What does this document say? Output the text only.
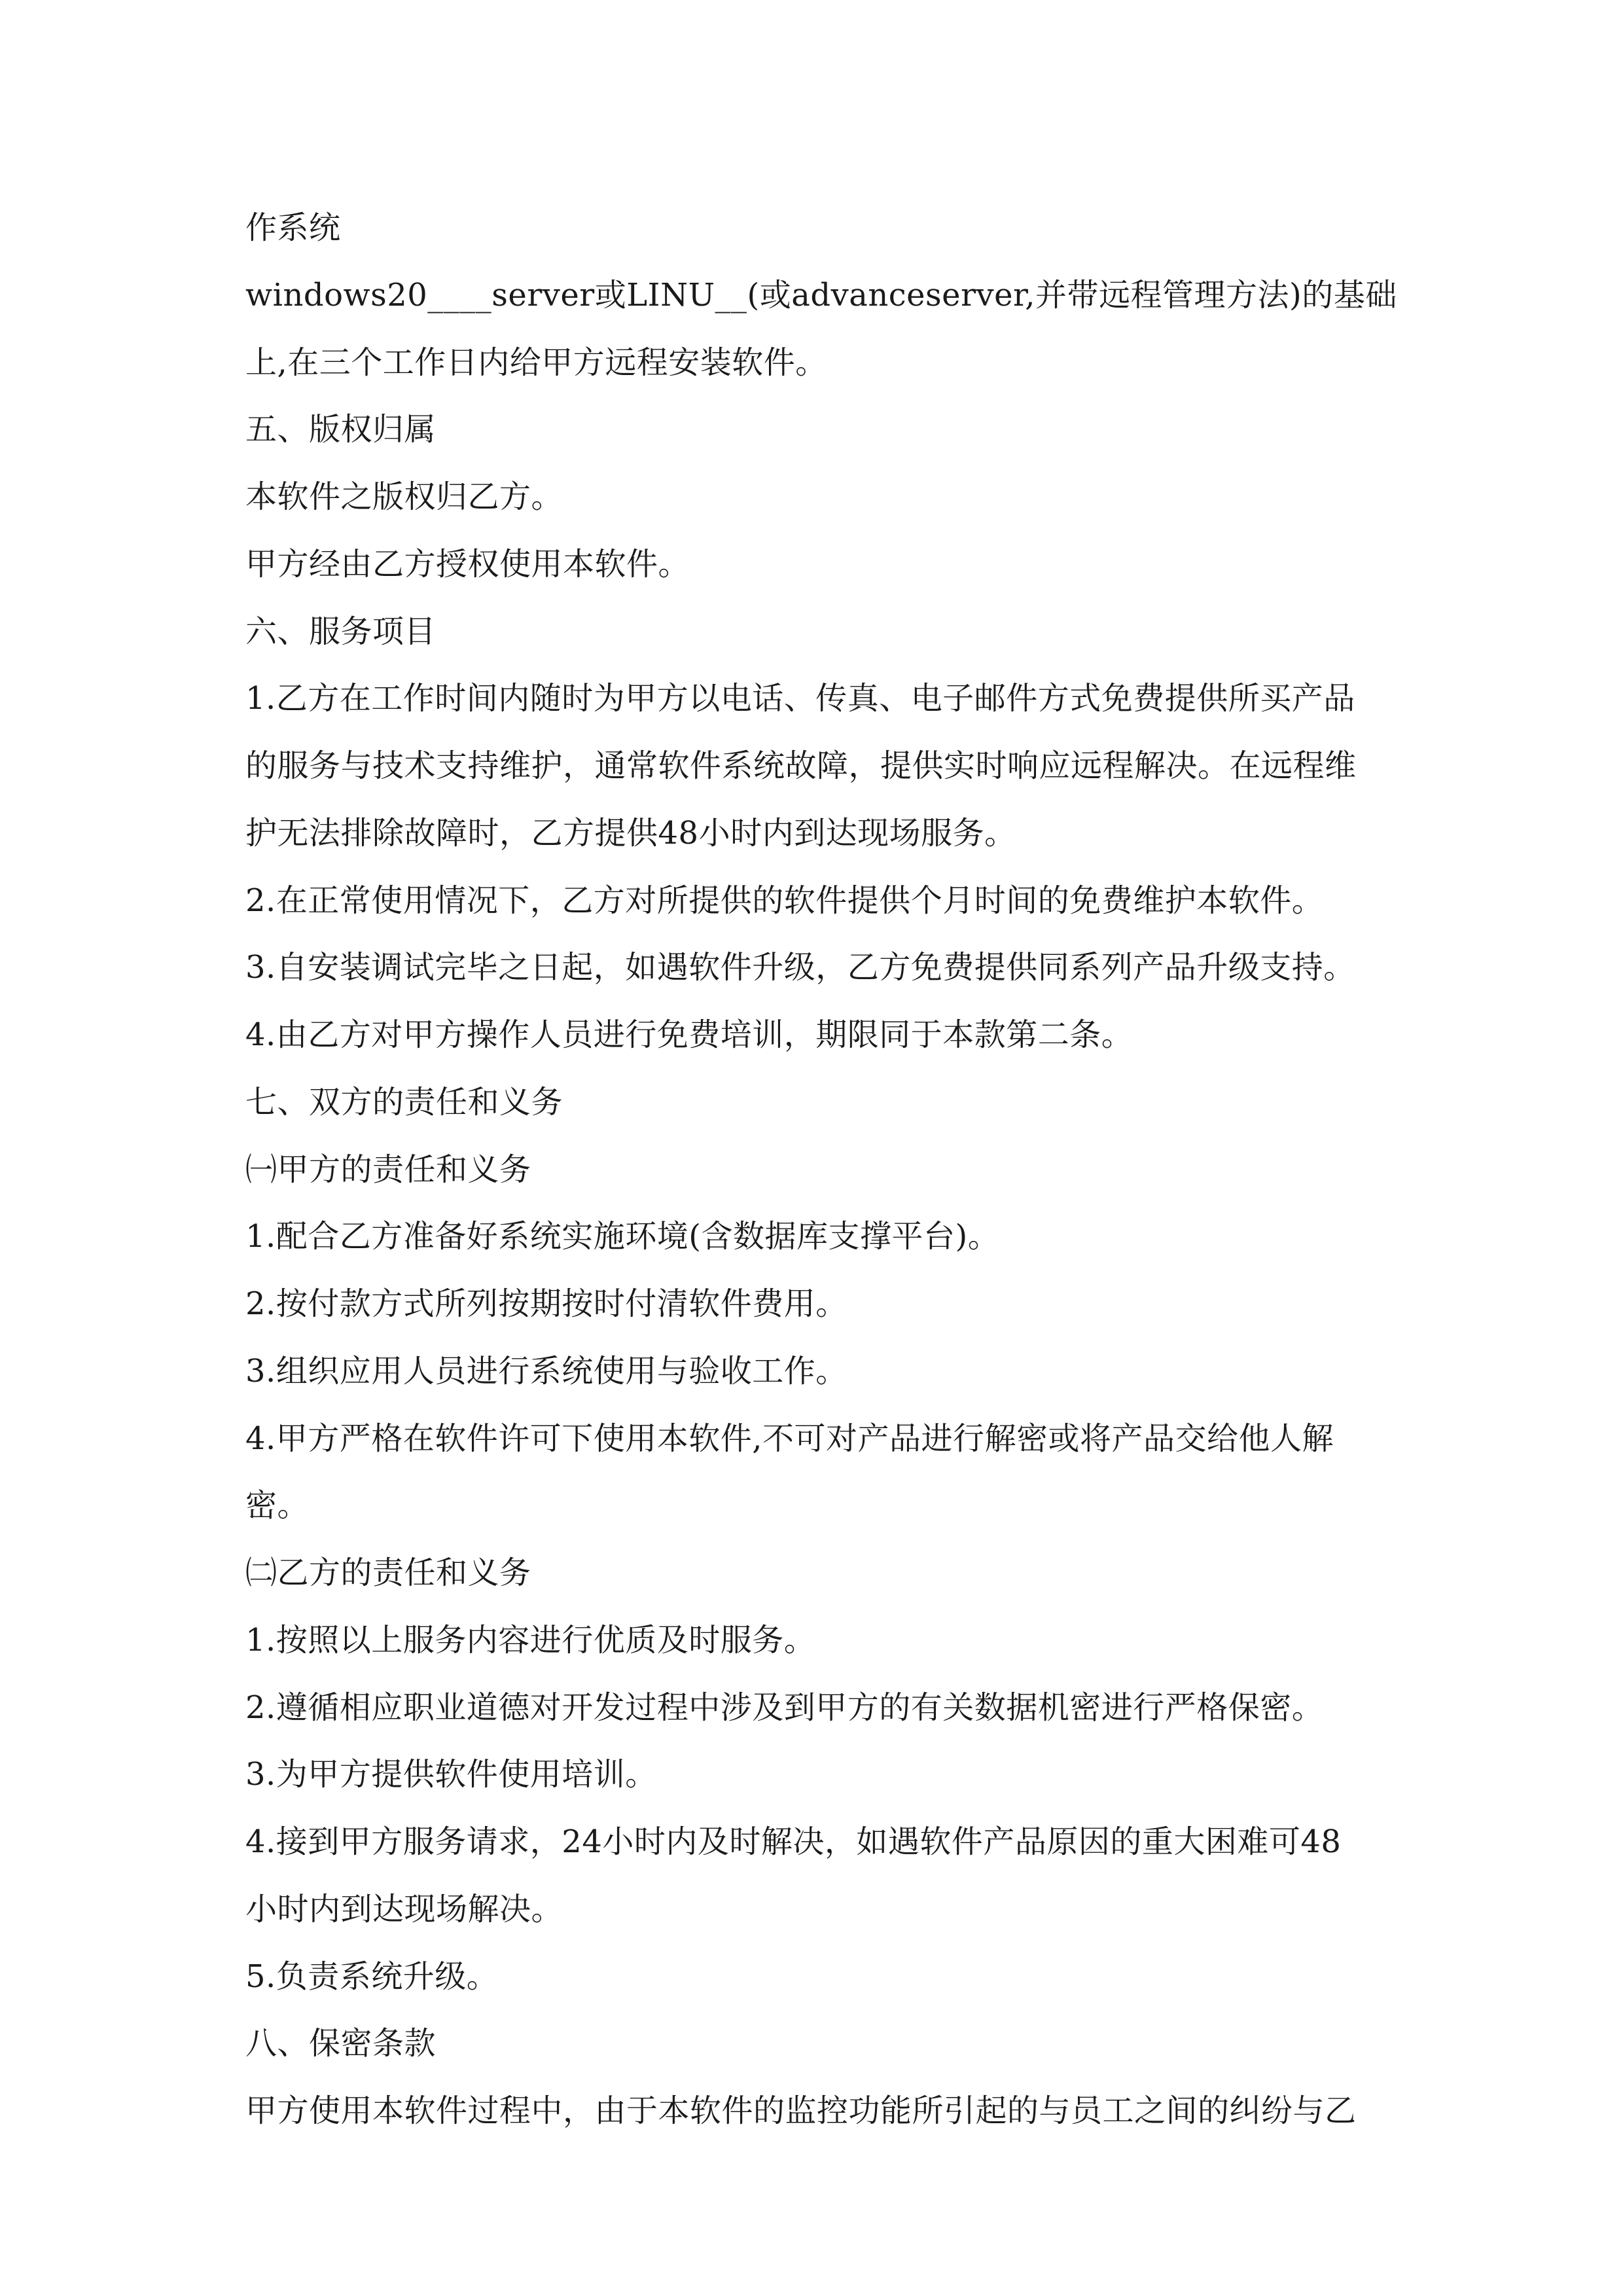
作系统
windows20____server或LINU__(或advanceserver,并带远程管理方法)的基础
上,在三个工作日内给甲方远程安装软件。
五、版权归属
本软件之版权归乙方。
甲方经由乙方授权使用本软件。
六、服务项目
1.乙方在工作时间内随时为甲方以电话、传真、电子邮件方式免费提供所买产品
的服务与技术支持维护，通常软件系统故障，提供实时响应远程解决。在远程维
护无法排除故障时，乙方提供48小时内到达现场服务。
2.在正常使用情况下，乙方对所提供的软件提供个月时间的免费维护本软件。
3.自安装调试完毕之日起，如遇软件升级，乙方免费提供同系列产品升级支持。
4.由乙方对甲方操作人员进行免费培训，期限同于本款第二条。
七、双方的责任和义务
㈠甲方的责任和义务
1.配合乙方准备好系统实施环境(含数据库支撑平台)。
2.按付款方式所列按期按时付清软件费用。
3.组织应用人员进行系统使用与验收工作。
4.甲方严格在软件许可下使用本软件,不可对产品进行解密或将产品交给他人解
密。
㈡乙方的责任和义务
1.按照以上服务内容进行优质及时服务。
2.遵循相应职业道德对开发过程中涉及到甲方的有关数据机密进行严格保密。
3.为甲方提供软件使用培训。
4.接到甲方服务请求，24小时内及时解决，如遇软件产品原因的重大困难可48
小时内到达现场解决。
5.负责系统升级。
八、保密条款
甲方使用本软件过程中，由于本软件的监控功能所引起的与员工之间的纠纷与乙
